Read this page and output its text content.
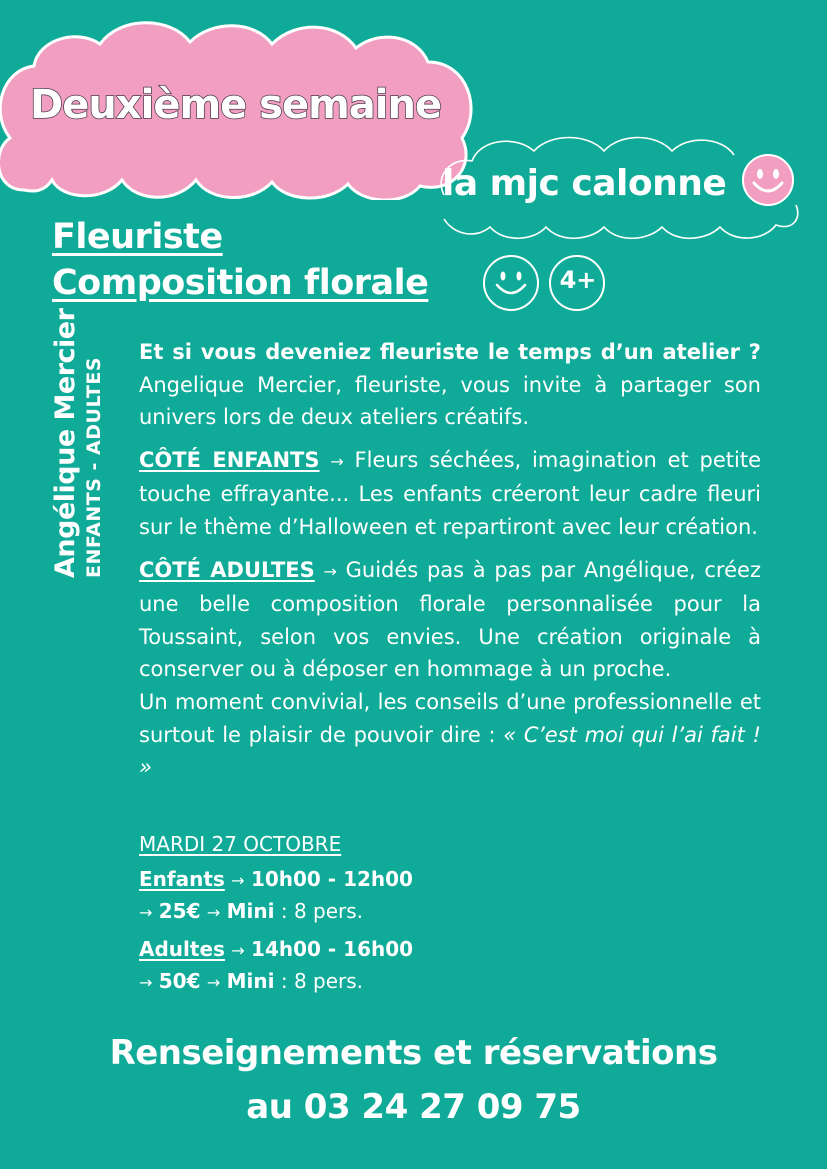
Deuxième semaine
la mjc calonne
Fleuriste
Composition florale	4+
Angélique Mercier ENFANTS - ADULTES

Et si vous deveniez fleuriste le temps d’un atelier ? Angelique Mercier, fleuriste, vous invite à partager son univers lors de deux ateliers créatifs.

CÔTÉ ENFANTS → Fleurs séchées, imagination et petite touche effrayante... Les enfants créeront leur cadre fleuri sur le thème d’Halloween et repartiront avec leur création.

CÔTÉ ADULTES → Guidés pas à pas par Angélique, créez une belle composition florale personnalisée pour la Toussaint, selon vos envies. Une création originale à conserver ou à déposer en hommage à un proche.

Un moment convivial, les conseils d’une professionnelle et surtout le plaisir de pouvoir dire : « C’est moi qui l’ai fait ! »

MARDI 27 OCTOBRE
Enfants → 10h00 - 12h00
→ 25€ → Mini : 8 pers.
Adultes → 14h00 - 16h00
→ 50€ → Mini : 8 pers.
Renseignements et réservations
au 03 24 27 09 75
